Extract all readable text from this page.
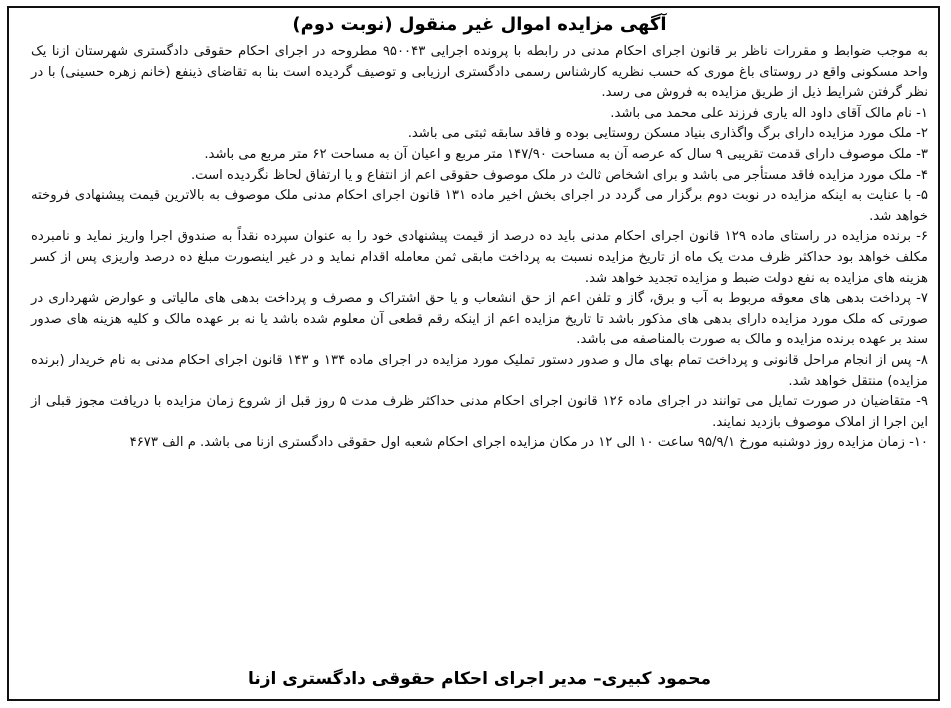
آگهی مزایده اموال غیر منقول (نوبت دوم)

به موجب ضوابط و مقررات ناظر بر قانون اجرای احکام مدنی در رابطه با پرونده اجرایی ۹۵۰۰۴۳ مطروحه در اجرای احکام حقوقی دادگستری شهرستان ازنا یک واحد مسکونی واقع در روستای باغ موری که حسب نظریه کارشناس رسمی دادگستری ارزیابی و توصیف گردیده است بنا به تقاضای ذینفع (خانم زهره حسینی) با در نظر گرفتن شرایط ذیل از طریق مزایده به فروش می رسد.

۱- نام مالک آقای داود اله یاری فرزند علی محمد می باشد.

۲- ملک مورد مزایده دارای برگ واگذاری بنیاد مسکن روستایی بوده و فاقد سابقه ثبتی می باشد.

۳- ملک موصوف دارای قدمت تقریبی ۹ سال که عرصه آن به مساحت ۱۴۷/۹۰ متر مربع و اعیان آن به مساحت ۶۲ متر مربع می باشد.

۴- ملک مورد مزایده فاقد مستأجر می باشد و برای اشخاص ثالث در ملک موصوف حقوقی اعم از انتفاع و یا ارتفاق لحاظ نگردیده است.

۵- با عنایت به اینکه مزایده در نوبت دوم برگزار می گردد در اجرای بخش اخیر ماده ۱۳۱ قانون اجرای احکام مدنی ملک موصوف به بالاترین قیمت پیشنهادی فروخته خواهد شد.

۶- برنده مزایده در راستای ماده ۱۲۹ قانون اجرای احکام مدنی باید ده درصد از قیمت پیشنهادی خود را به عنوان سپرده نقداً به صندوق اجرا واریز نماید و نامبرده مکلف خواهد بود حداکثر ظرف مدت یک ماه از تاریخ مزایده نسبت به پرداخت مابقی ثمن معامله اقدام نماید و در غیر اینصورت مبلغ ده درصد واریزی پس از کسر هزینه های مزایده به نفع دولت ضبط و مزایده تجدید خواهد شد.

۷- پرداخت بدهی های معوقه مربوط به آب و برق، گاز و تلفن اعم از حق انشعاب و یا حق اشتراک و مصرف و پرداخت بدهی های مالیاتی و عوارض شهرداری در صورتی که ملک مورد مزایده دارای بدهی های مذکور باشد تا تاریخ مزایده اعم از اینکه رقم قطعی آن معلوم شده باشد یا نه بر عهده مالک و کلیه هزینه های صدور سند بر عهده برنده مزایده و مالک به صورت بالمناصفه می باشد.

۸- پس از انجام مراحل قانونی و پرداخت تمام بهای مال و صدور دستور تملیک مورد مزایده در اجرای ماده ۱۳۴ و ۱۴۳ قانون اجرای احکام مدنی به نام خریدار (برنده مزایده) منتقل خواهد شد.

۹- متقاضیان در صورت تمایل می توانند در اجرای ماده ۱۲۶ قانون اجرای احکام مدنی حداکثر ظرف مدت ۵ روز قبل از شروع زمان مزایده با دریافت مجوز قبلی از این اجرا از املاک موصوف بازدید نمایند.

۱۰- زمان مزایده روز دوشنبه مورخ ۹۵/۹/۱ ساعت ۱۰ الی ۱۲ در مکان مزایده اجرای احکام شعبه اول حقوقی دادگستری ازنا می باشد. م الف ۴۶۷۳

محمود کبیری– مدیر اجرای احکام حقوقی دادگستری ازنا
